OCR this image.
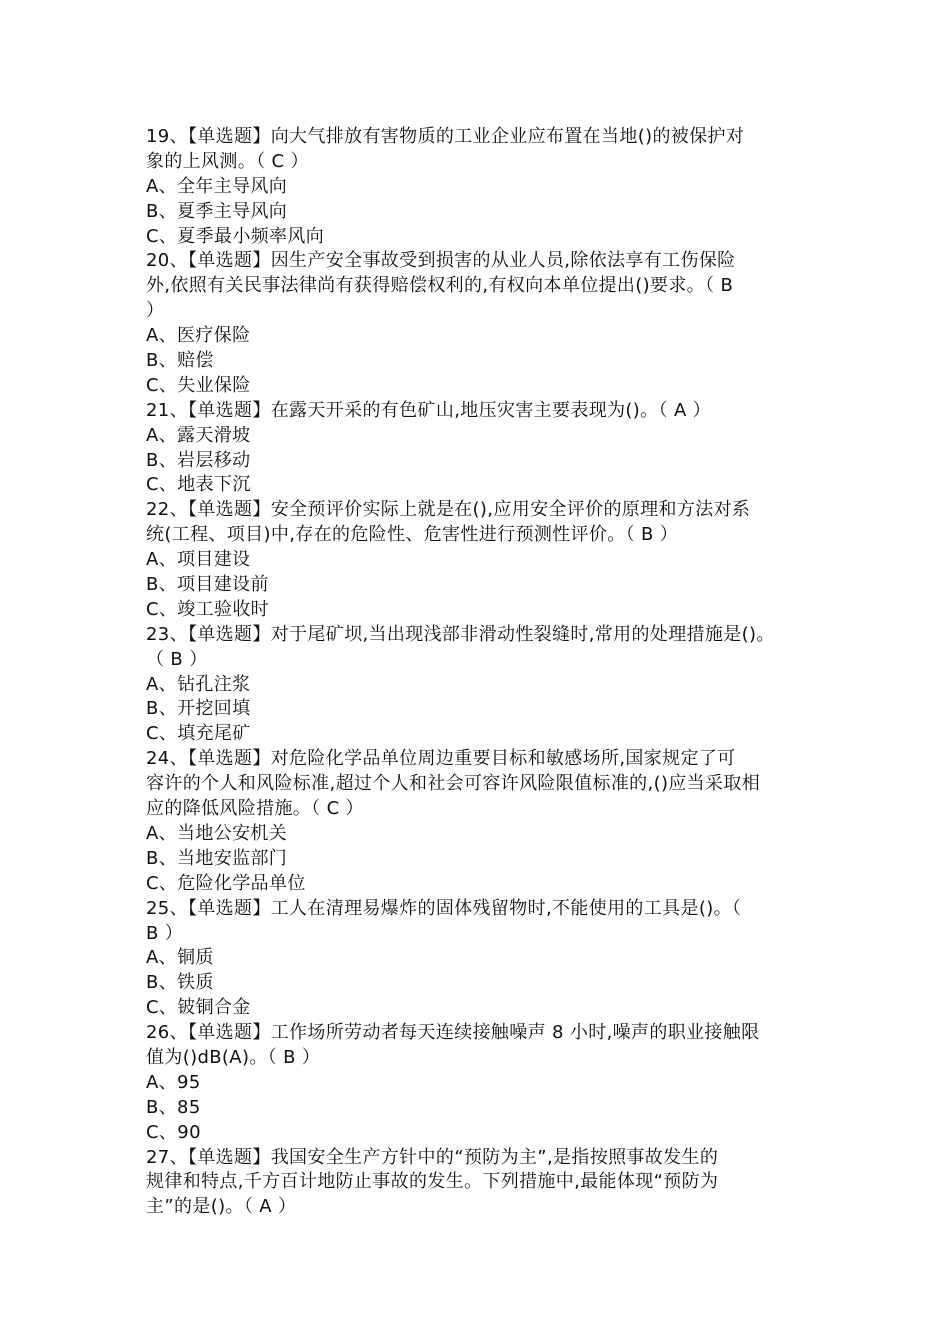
19、【单选题】向大气排放有害物质的工业企业应布置在当地()的被保护对
象的上风测。（ C ）
A、全年主导风向
B、夏季主导风向
C、夏季最小频率风向
20、【单选题】因生产安全事故受到损害的从业人员,除依法享有工伤保险
外,依照有关民事法律尚有获得赔偿权利的,有权向本单位提出()要求。（ B
）
A、医疗保险
B、赔偿
C、失业保险
21、【单选题】在露天开采的有色矿山,地压灾害主要表现为()。（ A ）
A、露天滑坡
B、岩层移动
C、地表下沉
22、【单选题】安全预评价实际上就是在(),应用安全评价的原理和方法对系
统(工程、项目)中,存在的危险性、危害性进行预测性评价。（ B ）
A、项目建设
B、项目建设前
C、竣工验收时
23、【单选题】对于尾矿坝,当出现浅部非滑动性裂缝时,常用的处理措施是()。
（ B ）
A、钻孔注浆
B、开挖回填
C、填充尾矿
24、【单选题】对危险化学品单位周边重要目标和敏感场所,国家规定了可
容许的个人和风险标准,超过个人和社会可容许风险限值标准的,()应当采取相
应的降低风险措施。（ C ）
A、当地公安机关
B、当地安监部门
C、危险化学品单位
25、【单选题】工人在清理易爆炸的固体残留物时,不能使用的工具是()。（
B ）
A、铜质
B、铁质
C、铍铜合金
26、【单选题】工作场所劳动者每天连续接触噪声 8 小时,噪声的职业接触限
值为()dB(A)。（ B ）
A、95
B、85
C、90
27、【单选题】我国安全生产方针中的“预防为主”,是指按照事故发生的
规律和特点,千方百计地防止事故的发生。下列措施中,最能体现“预防为
主”的是()。（ A ）
